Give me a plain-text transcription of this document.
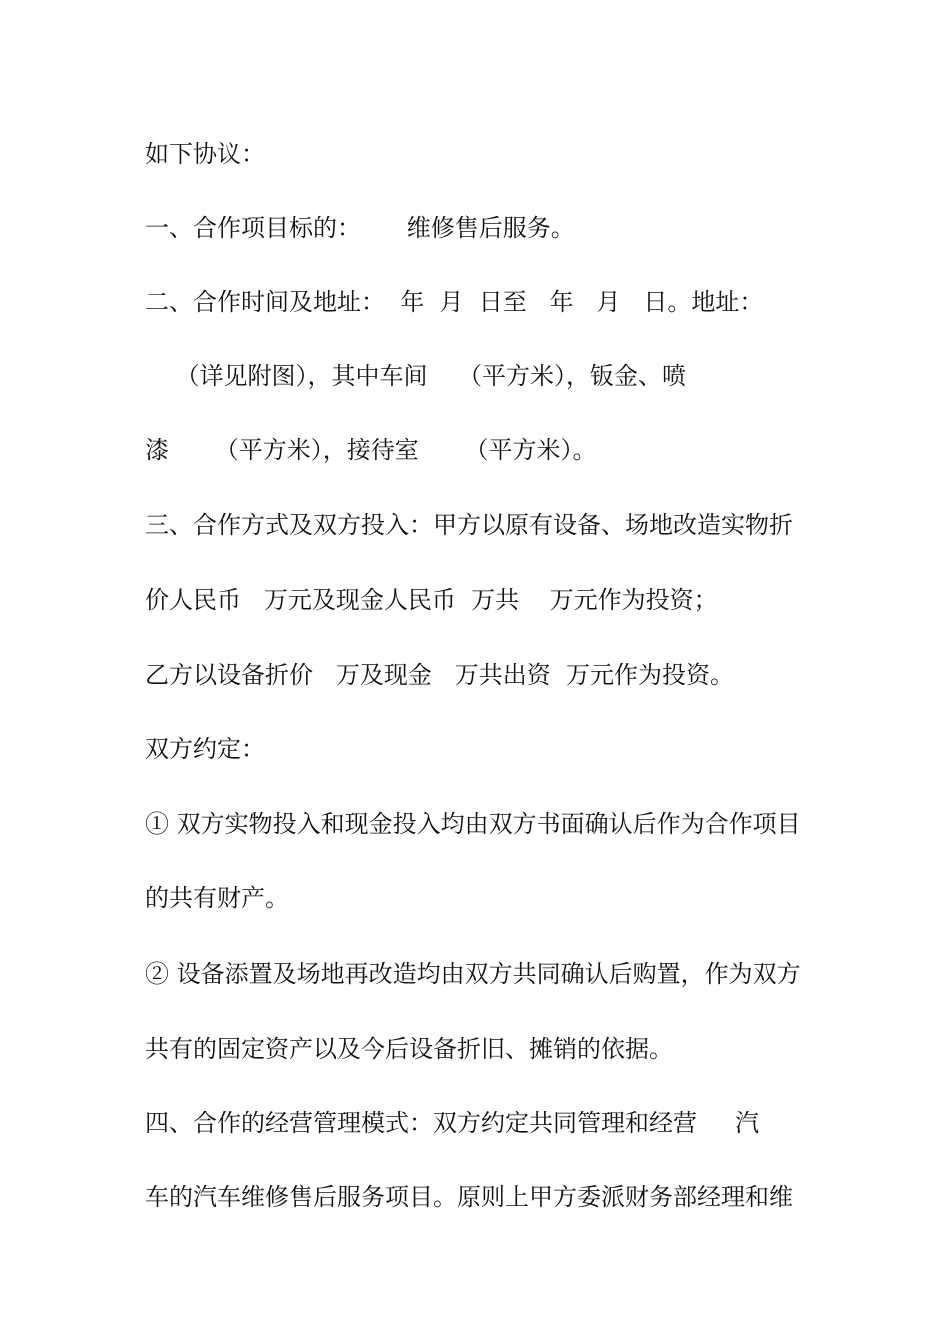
如下协议：
一、合作项目标的：      维修售后服务。
二、合作时间及地址：  年  月  日至   年   月   日。地址：
（详见附图），其中车间    （平方米），钣金、喷
漆      （平方米），接待室      （平方米）。
三、合作方式及双方投入：甲方以原有设备、场地改造实物折
价人民币   万元及现金人民币  万共    万元作为投资；
乙方以设备折价   万及现金   万共出资  万元作为投资。
双方约定：
① 双方实物投入和现金投入均由双方书面确认后作为合作项目
的共有财产。
② 设备添置及场地再改造均由双方共同确认后购置，作为双方
共有的固定资产以及今后设备折旧、摊销的依据。
四、合作的经营管理模式：双方约定共同管理和经营     汽
车的汽车维修售后服务项目。原则上甲方委派财务部经理和维
